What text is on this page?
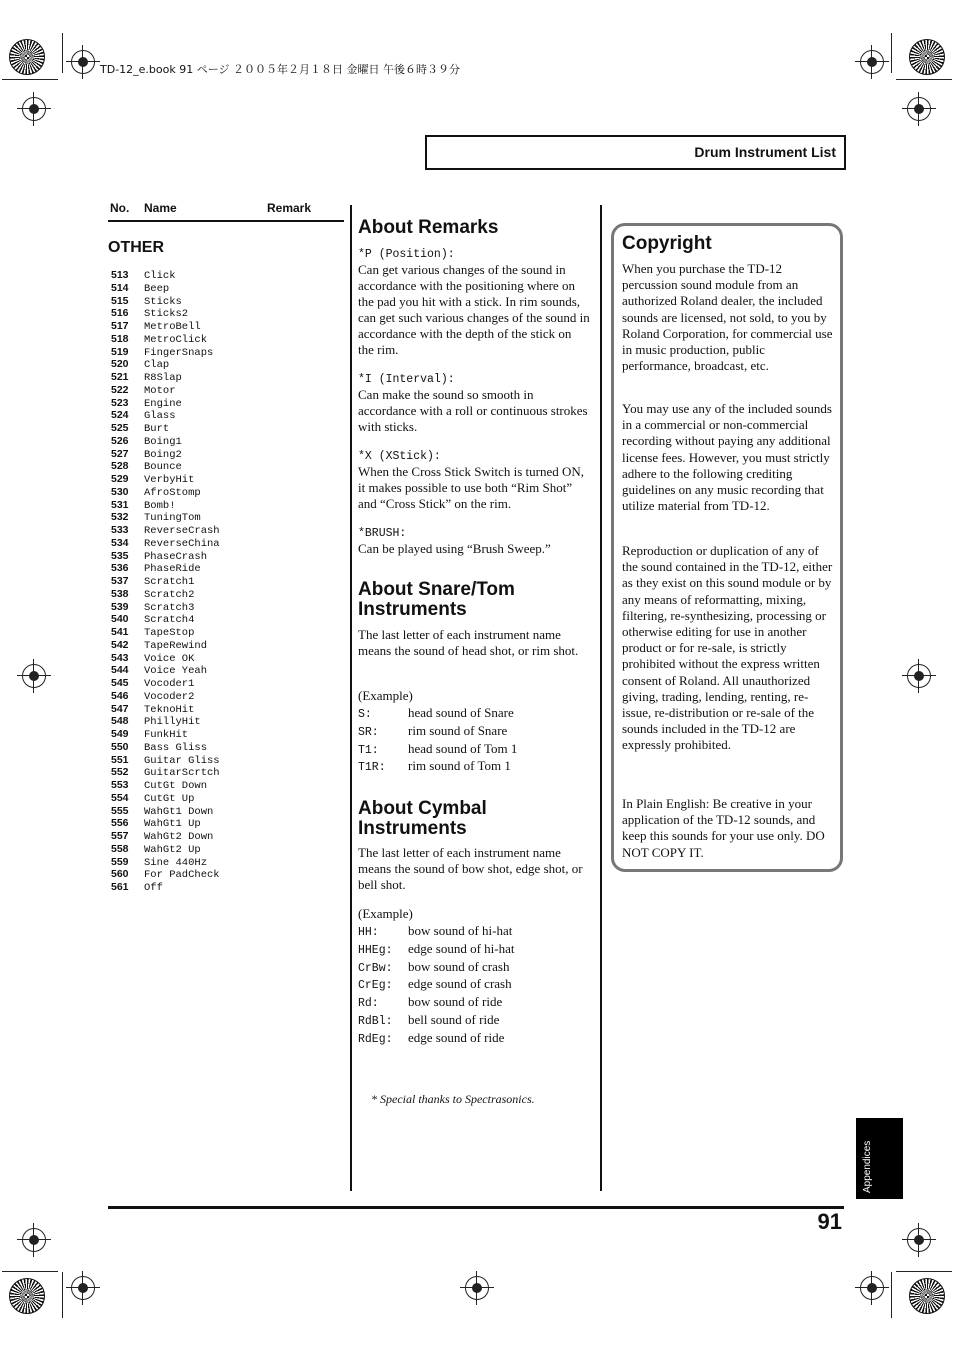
TD-12_e.book 91 ページ ２００５年２月１８日 金曜日 午後６時３９分
Drum Instrument List
No. Name	Remark
OTHER
513 Click
514 Beep
515 Sticks
516 Sticks2
517 MetroBell
518 MetroClick
519 FingerSnaps
520 Clap
521 R8Slap
522 Motor
523 Engine
524 Glass
525 Burt
526 Boing1
527 Boing2
528 Bounce
529 VerbyHit
530 AfroStomp
531 Bomb!
532 TuningTom
533 ReverseCrash
534 ReverseChina
535 PhaseCrash
536 PhaseRide
537 Scratch1
538 Scratch2
539 Scratch3
540 Scratch4
541 TapeStop
542 TapeRewind
543 Voice OK
544 Voice Yeah
545 Vocoder1
546 Vocoder2
547 TeknoHit
548 PhillyHit
549 FunkHit
550 Bass Gliss
551 Guitar Gliss
552 GuitarScrtch
553 CutGt Down
554 CutGt Up
555 WahGt1 Down
556 WahGt1 Up
557 WahGt2 Down
558 WahGt2 Up
559 Sine 440Hz
560 For PadCheck
561 Off
About Remarks
*P (Position):
Can get various changes of the sound in accordance with the positioning where on the pad you hit with a stick. In rim sounds, can get such various changes of the sound in accordance with the depth of the stick on the rim.
*I (Interval):
Can make the sound so smooth in accordance with a roll or continuous strokes with sticks.
*X (XStick):
When the Cross Stick Switch is turned ON, it makes possible to use both “Rim Shot” and “Cross Stick” on the rim.
*BRUSH:
Can be played using “Brush Sweep.”
About Snare/Tom
Instruments
The last letter of each instrument name means the sound of head shot, or rim shot.
(Example)
S:	head sound of Snare
SR: rim sound of Snare
T1: head sound of Tom 1
T1R: rim sound of Tom 1
About Cymbal
Instruments
The last letter of each instrument name means the sound of bow shot, edge shot, or bell shot.
(Example)
HH: bow sound of hi-hat
HHEg: edge sound of hi-hat
CrBw: bow sound of crash
CrEg: edge sound of crash
Rd: bow sound of ride
RdBl: bell sound of ride
RdEg: edge sound of ride
* Special thanks to Spectrasonics.
Copyright

When you purchase the TD-12 percussion sound module from an authorized Roland dealer, the included sounds are licensed, not sold, to you by Roland Corporation, for commercial use in music production, public performance, broadcast, etc.

You may use any of the included sounds in a commercial or non-commercial recording without paying any additional license fees. However, you must strictly adhere to the following crediting guidelines on any music recording that utilize material from TD-12.

Reproduction or duplication of any of the sound contained in the TD-12, either as they exist on this sound module or by any means of reformatting, mixing, filtering, re-synthesizing, processing or otherwise editing for use in another product or for re-sale, is strictly prohibited without the express written consent of Roland. All unauthorized giving, trading, lending, renting, re-issue, re-distribution or re-sale of the sounds included in the TD-12 are expressly prohibited.

In Plain English: Be creative in your application of the TD-12 sounds, and keep this sounds for your use only. DO NOT COPY IT.

91
Appendices
